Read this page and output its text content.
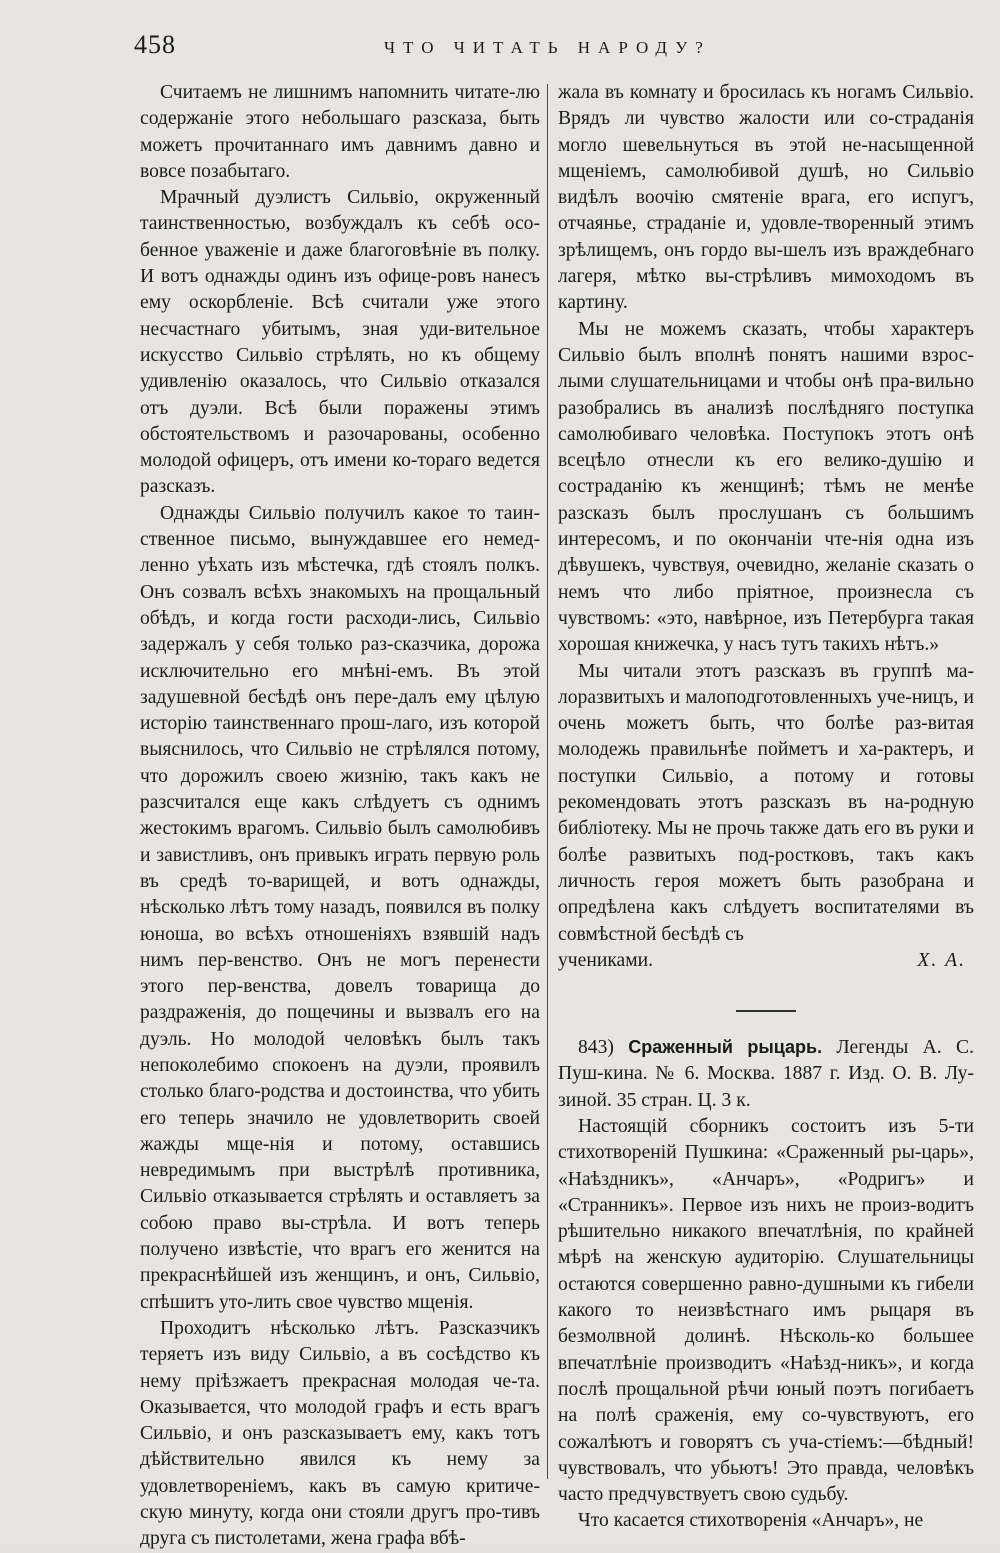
458	ЧТО ЧИТАТЬ НАРОДУ?

Считаемъ не лишнимъ напомнить читате-лю содержаніе этого небольшаго разсказа, быть можетъ прочитаннаго имъ давнимъ давно и вовсе позабытаго.

Мрачный дуэлистъ Сильвіо, окруженный таинственностью, возбуждалъ къ себѣ осо-бенное уваженіе и даже благоговѣніе въ полку. И вотъ однажды одинъ изъ офице-ровъ нанесъ ему оскорбленіе. Всѣ считали уже этого несчастнаго убитымъ, зная уди-вительное искусство Сильвіо стрѣлять, но къ общему удивленію оказалось, что Сильвіо отказался отъ дуэли. Всѣ были поражены этимъ обстоятельствомъ и разочарованы, особенно молодой офицеръ, отъ имени ко-тораго ведется разсказъ.

Однажды Сильвіо получилъ какое то таин-ственное письмо, вынуждавшее его немед-ленно уѣхать изъ мѣстечка, гдѣ стоялъ полкъ. Онъ созвалъ всѣхъ знакомыхъ на прощальный обѣдъ, и когда гости расходи-лись, Сильвіо задержалъ у себя только раз-сказчика, дорожа исключительно его мнѣні-емъ. Въ этой задушевной бесѣдѣ онъ пере-далъ ему цѣлую исторію таинственнаго прош-лаго, изъ которой выяснилось, что Сильвіо не стрѣлялся потому, что дорожилъ своею жизнію, такъ какъ не разсчитался еще какъ слѣдуетъ съ однимъ жестокимъ врагомъ. Сильвіо былъ самолюбивъ и завистливъ, онъ привыкъ играть первую роль въ средѣ то-варищей, и вотъ однажды, нѣсколько лѣтъ тому назадъ, появился въ полку юноша, во всѣхъ отношеніяхъ взявшій надъ нимъ пер-венство. Онъ не могъ перенести этого пер-венства, довелъ товарища до раздраженія, до пощечины и вызвалъ его на дуэль. Но молодой человѣкъ былъ такъ непоколебимо спокоенъ на дуэли, проявилъ столько благо-родства и достоинства, что убить его теперь значило не удовлетворить своей жажды мще-нія и потому, оставшись невредимымъ при выстрѣлѣ противника, Сильвіо отказывается стрѣлять и оставляетъ за собою право вы-стрѣла. И вотъ теперь получено извѣстіе, что врагъ его женится на прекраснѣйшей изъ женщинъ, и онъ, Сильвіо, спѣшитъ уто-лить свое чувство мщенія.

Проходитъ нѣсколько лѣтъ. Разсказчикъ теряетъ изъ виду Сильвіо, а въ сосѣдство къ нему пріѣзжаетъ прекрасная молодая че-та. Оказывается, что молодой графъ и есть врагъ Сильвіо, и онъ разсказываетъ ему, какъ тотъ дѣйствительно явился къ нему за удовлетвореніемъ, какъ въ самую критиче-скую минуту, когда они стояли другъ про-тивъ друга съ пистолетами, жена графа вбѣ-

жала въ комнату и бросилась къ ногамъ Сильвіо. Врядъ ли чувство жалости или со-страданія могло шевельнуться въ этой не-насыщенной мщеніемъ, самолюбивой душѣ, но Сильвіо видѣлъ воочію смятеніе врага, его испугъ, отчаянье, страданіе и, удовле-творенный этимъ зрѣлищемъ, онъ гордо вы-шелъ изъ враждебнаго лагеря, мѣтко вы-стрѣливъ мимоходомъ въ картину.

Мы не можемъ сказать, чтобы характеръ Сильвіо былъ вполнѣ понятъ нашими взрос-лыми слушательницами и чтобы онѣ пра-вильно разобрались въ анализѣ послѣдняго поступка самолюбиваго человѣка. Поступокъ этотъ онѣ всецѣло отнесли къ его велико-душію и состраданію къ женщинѣ; тѣмъ не менѣе разсказъ былъ прослушанъ съ большимъ интересомъ, и по окончаніи чте-нія одна изъ дѣвушекъ, чувствуя, очевидно, желаніе сказать о немъ что либо пріятное, произнесла съ чувствомъ: «это, навѣрное, изъ Петербурга такая хорошая книжечка, у насъ тутъ такихъ нѣтъ.»

Мы читали этотъ разсказъ въ группѣ ма-лоразвитыхъ и малоподготовленныхъ уче-ницъ, и очень можетъ быть, что болѣе раз-витая молодежь правильнѣе пойметъ и ха-рактеръ, и поступки Сильвіо, а потому и готовы рекомендовать этотъ разсказъ въ на-родную библіотеку. Мы не прочь также дать его въ руки и болѣе развитыхъ под-ростковъ, такъ какъ личность героя можетъ быть разобрана и опредѣлена какъ слѣдуетъ воспитателями въ совмѣстной бесѣдѣ съ

учениками.	Х. А.

843) Сраженный рыцарь. Легенды А. С. Пуш-кина. № 6. Москва. 1887 г. Изд. О. В. Лу-зиной. 35 стран. Ц. 3 к.

Настоящій сборникъ состоитъ изъ 5-ти стихотвореній Пушкина: «Сраженный ры-царь», «Наѣздникъ», «Анчаръ», «Родригъ» и «Странникъ». Первое изъ нихъ не произ-водитъ рѣшительно никакого впечатлѣнія, по крайней мѣрѣ на женскую аудиторію. Слушательницы остаются совершенно равно-душными къ гибели какого то неизвѣстнаго имъ рыцаря въ безмолвной долинѣ. Нѣсколь-ко большее впечатлѣніе производитъ «Наѣзд-никъ», и когда послѣ прощальной рѣчи юный поэтъ погибаетъ на полѣ сраженія, ему со-чувствуютъ, его сожалѣютъ и говорятъ съ уча-стіемъ:—бѣдный! чувствовалъ, что убьютъ! Это правда, человѣкъ часто предчувствуетъ свою судьбу.

Что касается стихотворенія «Анчаръ», не
